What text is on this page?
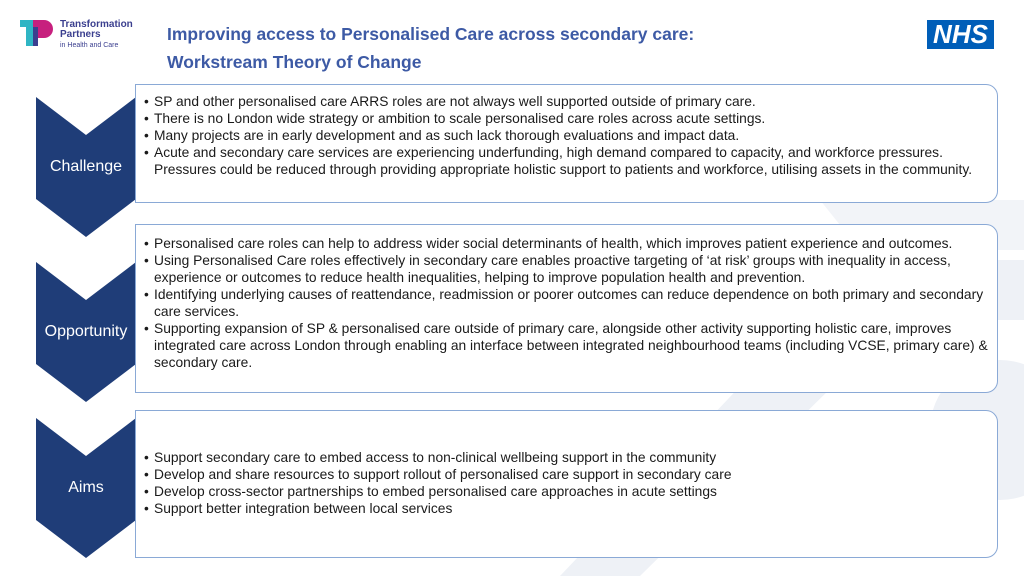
Transformation
Partners
in Health and Care
Improving access to Personalised Care across secondary care:
Workstream Theory of Change
NHS
Challenge
Opportunity
Aims
• SP and other personalised care ARRS roles are not always well supported outside of primary care.
• There is no London wide strategy or ambition to scale personalised care roles across acute settings.
• Many projects are in early development and as such lack thorough evaluations and impact data.
• Acute and secondary care services are experiencing underfunding, high demand compared to capacity, and workforce pressures. Pressures could be reduced through providing appropriate holistic support to patients and workforce, utilising assets in the community.
• Personalised care roles can help to address wider social determinants of health, which improves patient experience and outcomes.
• Using Personalised Care roles effectively in secondary care enables proactive targeting of ‘at risk’ groups with inequality in access, experience or outcomes to reduce health inequalities, helping to improve population health and prevention.
• Identifying underlying causes of reattendance, readmission or poorer outcomes can reduce dependence on both primary and secondary care services.
• Supporting expansion of SP & personalised care outside of primary care, alongside other activity supporting holistic care, improves integrated care across London through enabling an interface between integrated neighbourhood teams (including VCSE, primary care) & secondary care.
• Support secondary care to embed access to non-clinical wellbeing support in the community
• Develop and share resources to support rollout of personalised care support in secondary care
• Develop cross-sector partnerships to embed personalised care approaches in acute settings
• Support better integration between local services
